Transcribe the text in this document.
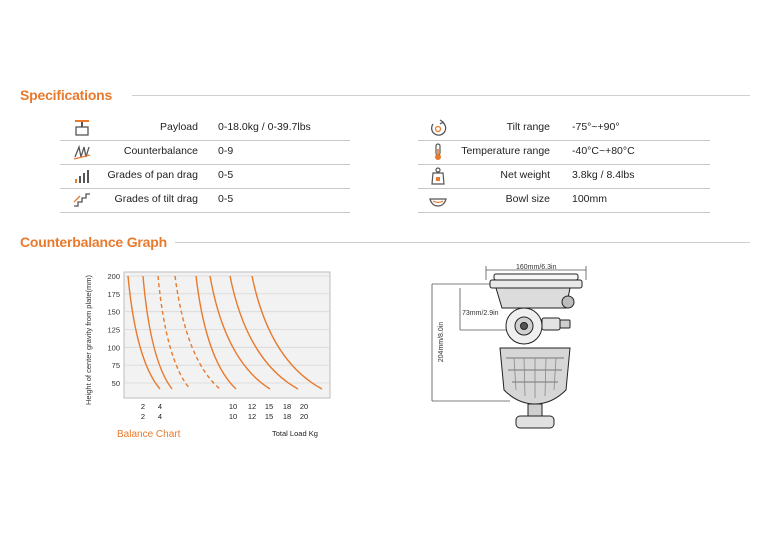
Specifications
Payload 0-18.0kg / 0-39.7lbs
Counterbalance 0-9
Grades of pan drag 0-5
Grades of tilt drag 0-5
Tilt range -75°~+90°
Temperature range -40°C~+80°C
Net weight 3.8kg / 8.4lbs
Bowl size 100mm
Counterbalance Graph
200
175
150
125
100
75
50
2 4	10 12 15 18 20
2 4	10 12 15 18 20
Height of center gravity from plate(mm)
Balance Chart	Total Load Kg
160mm/6.3in
204mm/8.0in
73mm/2.9in
